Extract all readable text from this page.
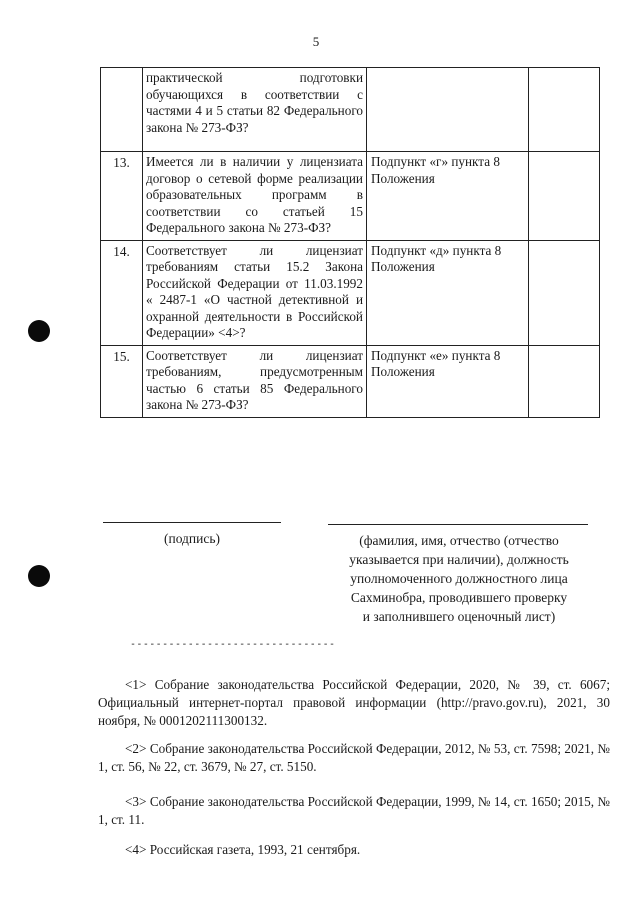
5
	практической подготовки обучающихся в соответствии с частями 4 и 5 статьи 82 Федерального закона № 273-ФЗ?		
13.	Имеется ли в наличии у лицензиата договор о сетевой форме реализации образовательных программ в соответствии со статьей 15 Федерального закона № 273-ФЗ?	Подпункт «г» пункта 8 Положения	
14.	Соответствует ли лицензиат требованиям статьи 15.2 Закона Российской Федерации от 11.03.1992 « 2487-1 «О частной детективной и охранной деятельности в Российской Федерации» <4>?	Подпункт «д» пункта 8 Положения	
15.	Соответствует ли лицензиат требованиям, предусмотренным частью 6 статьи 85 Федерального закона № 273-ФЗ?	Подпункт «е» пункта 8 Положения	
(подпись)	(фамилия, имя, отчество (отчество
указывается при наличии), должность
уполномоченного должностного лица
Сахминобра, проводившего проверку
и заполнившего оценочный лист)
--------------------------------

<1> Собрание законодательства Российской Федерации, 2020, № 39, ст. 6067; Официальный интернет-портал правовой информации (http://pravo.gov.ru), 2021, 30 ноября, № 0001202111300132.

<2> Собрание законодательства Российской Федерации, 2012, № 53, ст. 7598; 2021, № 1, ст. 56, № 22, ст. 3679, № 27, ст. 5150.

<3> Собрание законодательства Российской Федерации, 1999, № 14, ст. 1650; 2015, № 1, ст. 11.

<4> Российская газета, 1993, 21 сентября.
